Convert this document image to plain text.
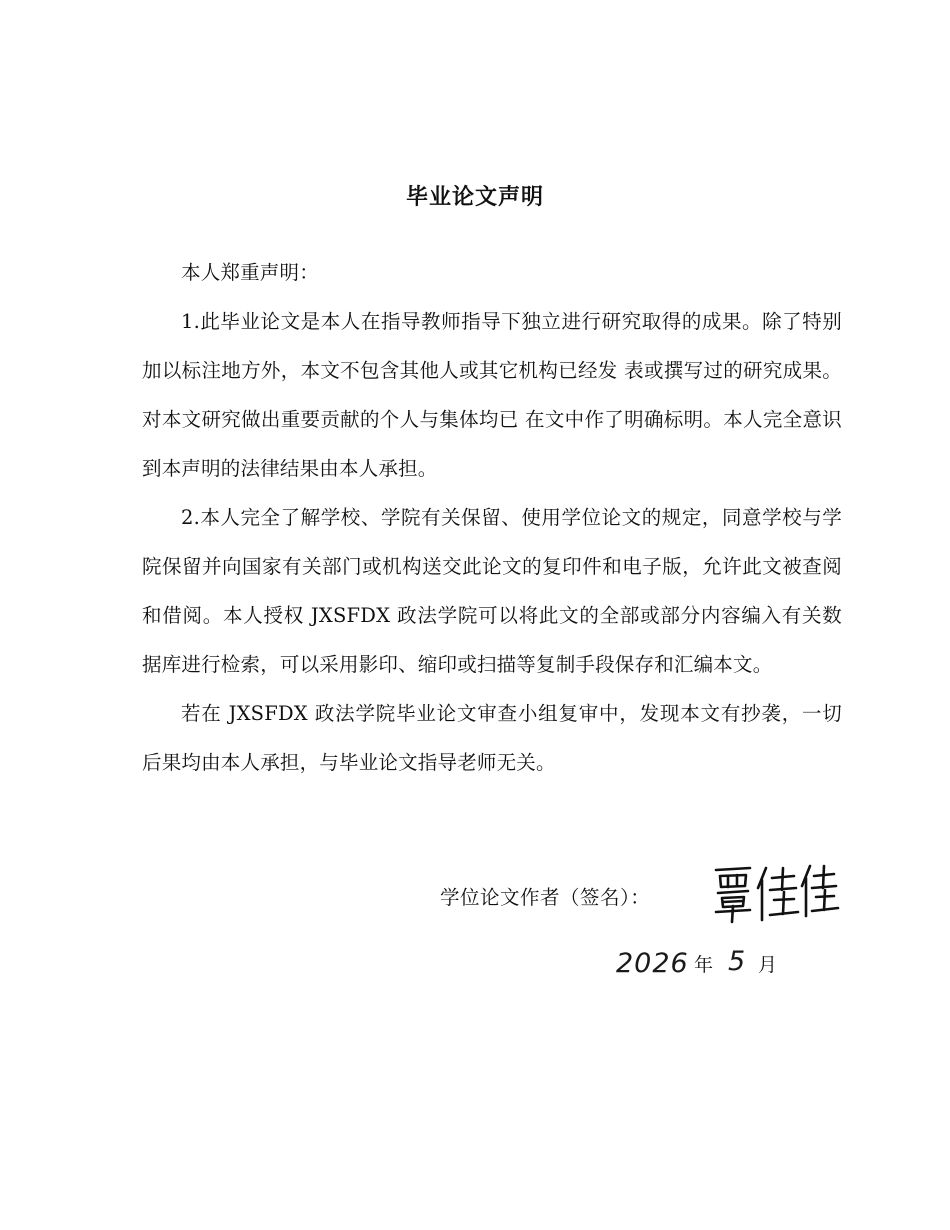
毕业论文声明

本人郑重声明：

1.此毕业论文是本人在指导教师指导下独立进行研究取得的成果。除了特别加以标注地方外，本文不包含其他人或其它机构已经发 表或撰写过的研究成果。对本文研究做出重要贡献的个人与集体均已 在文中作了明确标明。本人完全意识到本声明的法律结果由本人承担。

2.本人完全了解学校、学院有关保留、使用学位论文的规定，同意学校与学院保留并向国家有关部门或机构送交此论文的复印件和电子版，允许此文被查阅和借阅。本人授权 JXSFDX 政法学院可以将此文的全部或部分内容编入有关数据库进行检索，可以采用影印、缩印或扫描等复制手段保存和汇编本文。

若在 JXSFDX 政法学院毕业论文审查小组复审中，发现本文有抄袭，一切后果均由本人承担，与毕业论文指导老师无关。

学位论文作者（签名）：
2026 年 5 月
